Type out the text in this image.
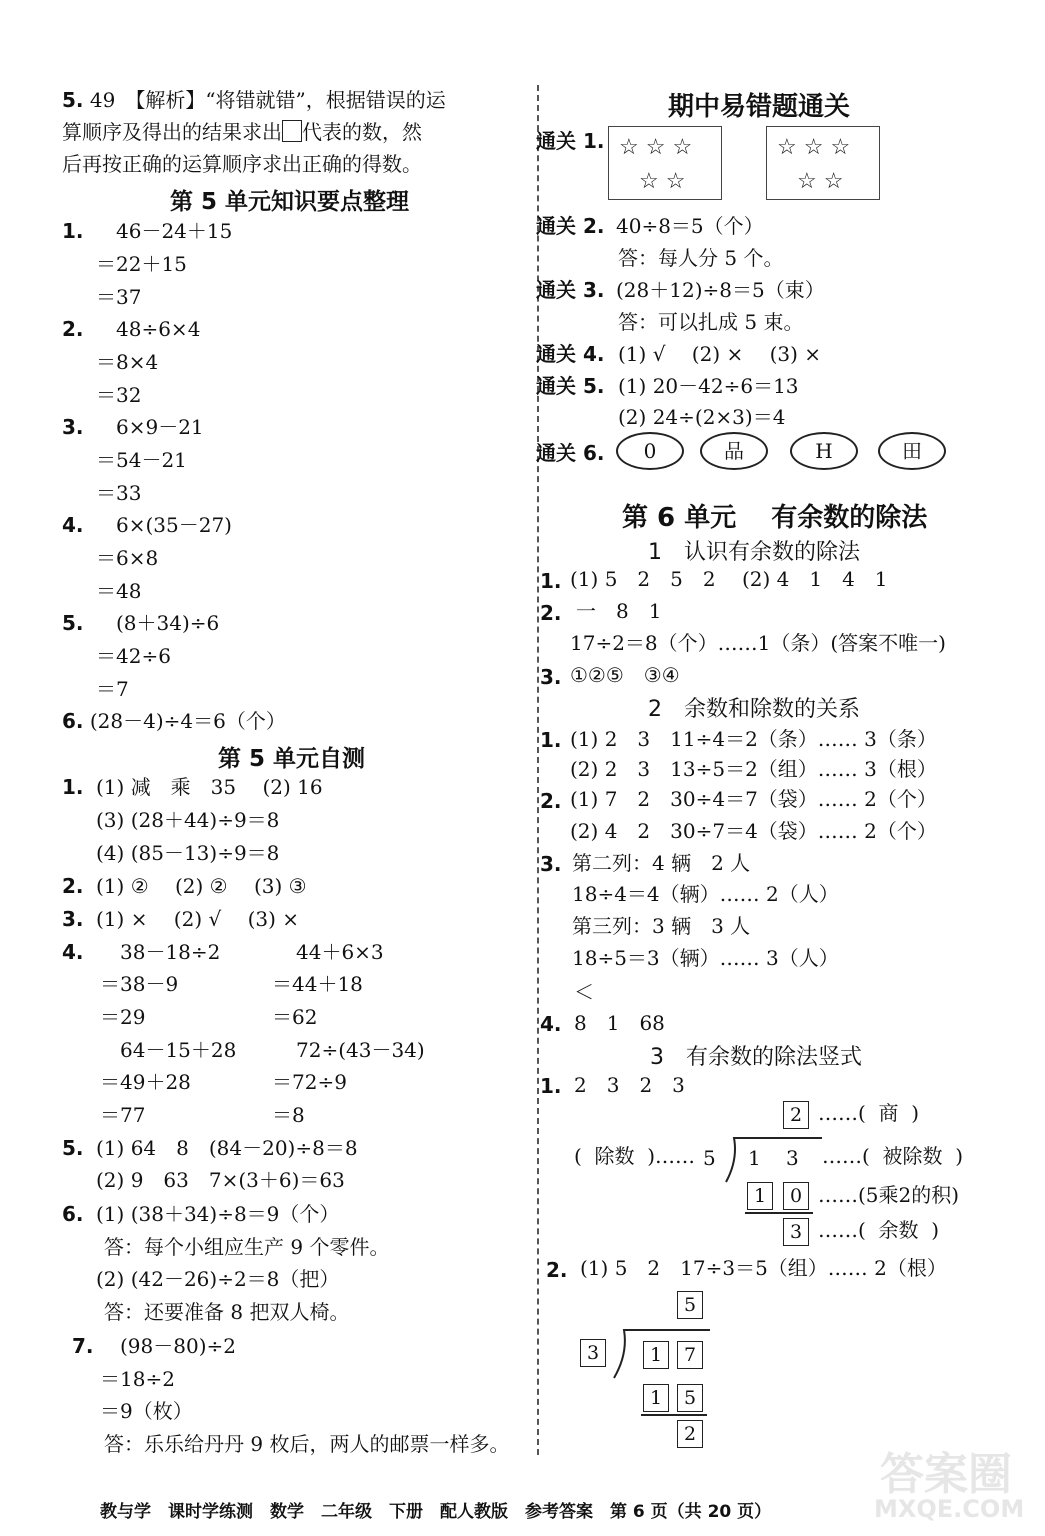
5. 49　【解析】“将错就错”，根据错误的运
算顺序及得出的结果求出 代表的数，然
后再按正确的运算顺序求出正确的得数。
第 5 单元知识要点整理
1. 46－24＋15
＝22＋15
＝37
2. 48÷6×4
＝8×4
＝32
3. 6×9－21
＝54－21
＝33
4. 6×(35－27)
＝6×8
＝48
5. (8＋34)÷6
＝42÷6
＝7
6. (28－4)÷4＝6（个）
第 5 单元自测
1. (1) 减　乘　35　 (2) 16
(3) (28＋44)÷9＝8
(4) (85－13)÷9＝8
2. (1) ②　 (2) ②　 (3) ③
3. (1) ×　 (2) √　 (3) ×
4. 38－18÷2
＝38－9
＝29
44＋6×3
＝44＋18
＝62
64－15＋28
＝49＋28
＝77
72÷(43－34)
＝72÷9
＝8
5. (1) 64　8　(84－20)÷8＝8
(2) 9　63　7×(3＋6)＝63
6. (1) (38＋34)÷8＝9（个）
答：每个小组应生产 9 个零件。
(2) (42－26)÷2＝8（把）
答：还要准备 8 把双人椅。
7. (98－80)÷2
＝18÷2
＝9（枚）
答：乐乐给丹丹 9 枚后，两人的邮票一样多。
期中易错题通关
通关 1. ☆ ☆ ☆
☆ ☆
☆ ☆ ☆
☆ ☆
通关 2. 40÷8＝5（个）
答：每人分 5 个。
通关 3. (28＋12)÷8＝5（束）
答：可以扎成 5 束。
通关 4. (1) √　 (2) ×　 (3) ×
通关 5. (1) 20－42÷6＝13
(2) 24÷(2×3)＝4
通关 6.	0	品	H	田
第 6 单元　 有余数的除法
1　认识有余数的除法
1. (1) 5　2　5　2　 (2) 4　1　4　1
2. 一　8　1
17÷2＝8（个）……1（条）(答案不唯一)
3. ①②⑤　③④
2　余数和除数的关系
1. (1) 2　3　11÷4＝2（条）…… 3（条）
(2) 2　3　13÷5＝2（组）…… 3（根）
2. (1) 7　2　30÷4＝7（袋）…… 2（个）
(2) 4　2　30÷7＝4（袋）…… 2（个）
3. 第二列：4 辆　2 人
18÷4＝4（辆）…… 2（人）
第三列：3 辆　3 人
18÷5＝3（辆）…… 3（人）
＜
4. 8　1　68
3　有余数的除法竖式
1. 2　3　2　3
2 ……(  商  )
(  除数  )…… 5 1 3 ……(  被除数  )
1	0 ……(5乘2的积)
3 ……(  余数  )
2. (1) 5　2　17÷3＝5（组）…… 2（根）
5
3	1	7
1	5
2
答案圈
MXQE.COM
教与学　课时学练测　数学　二年级　下册　配人教版　参考答案　第 6 页（共 20 页）
